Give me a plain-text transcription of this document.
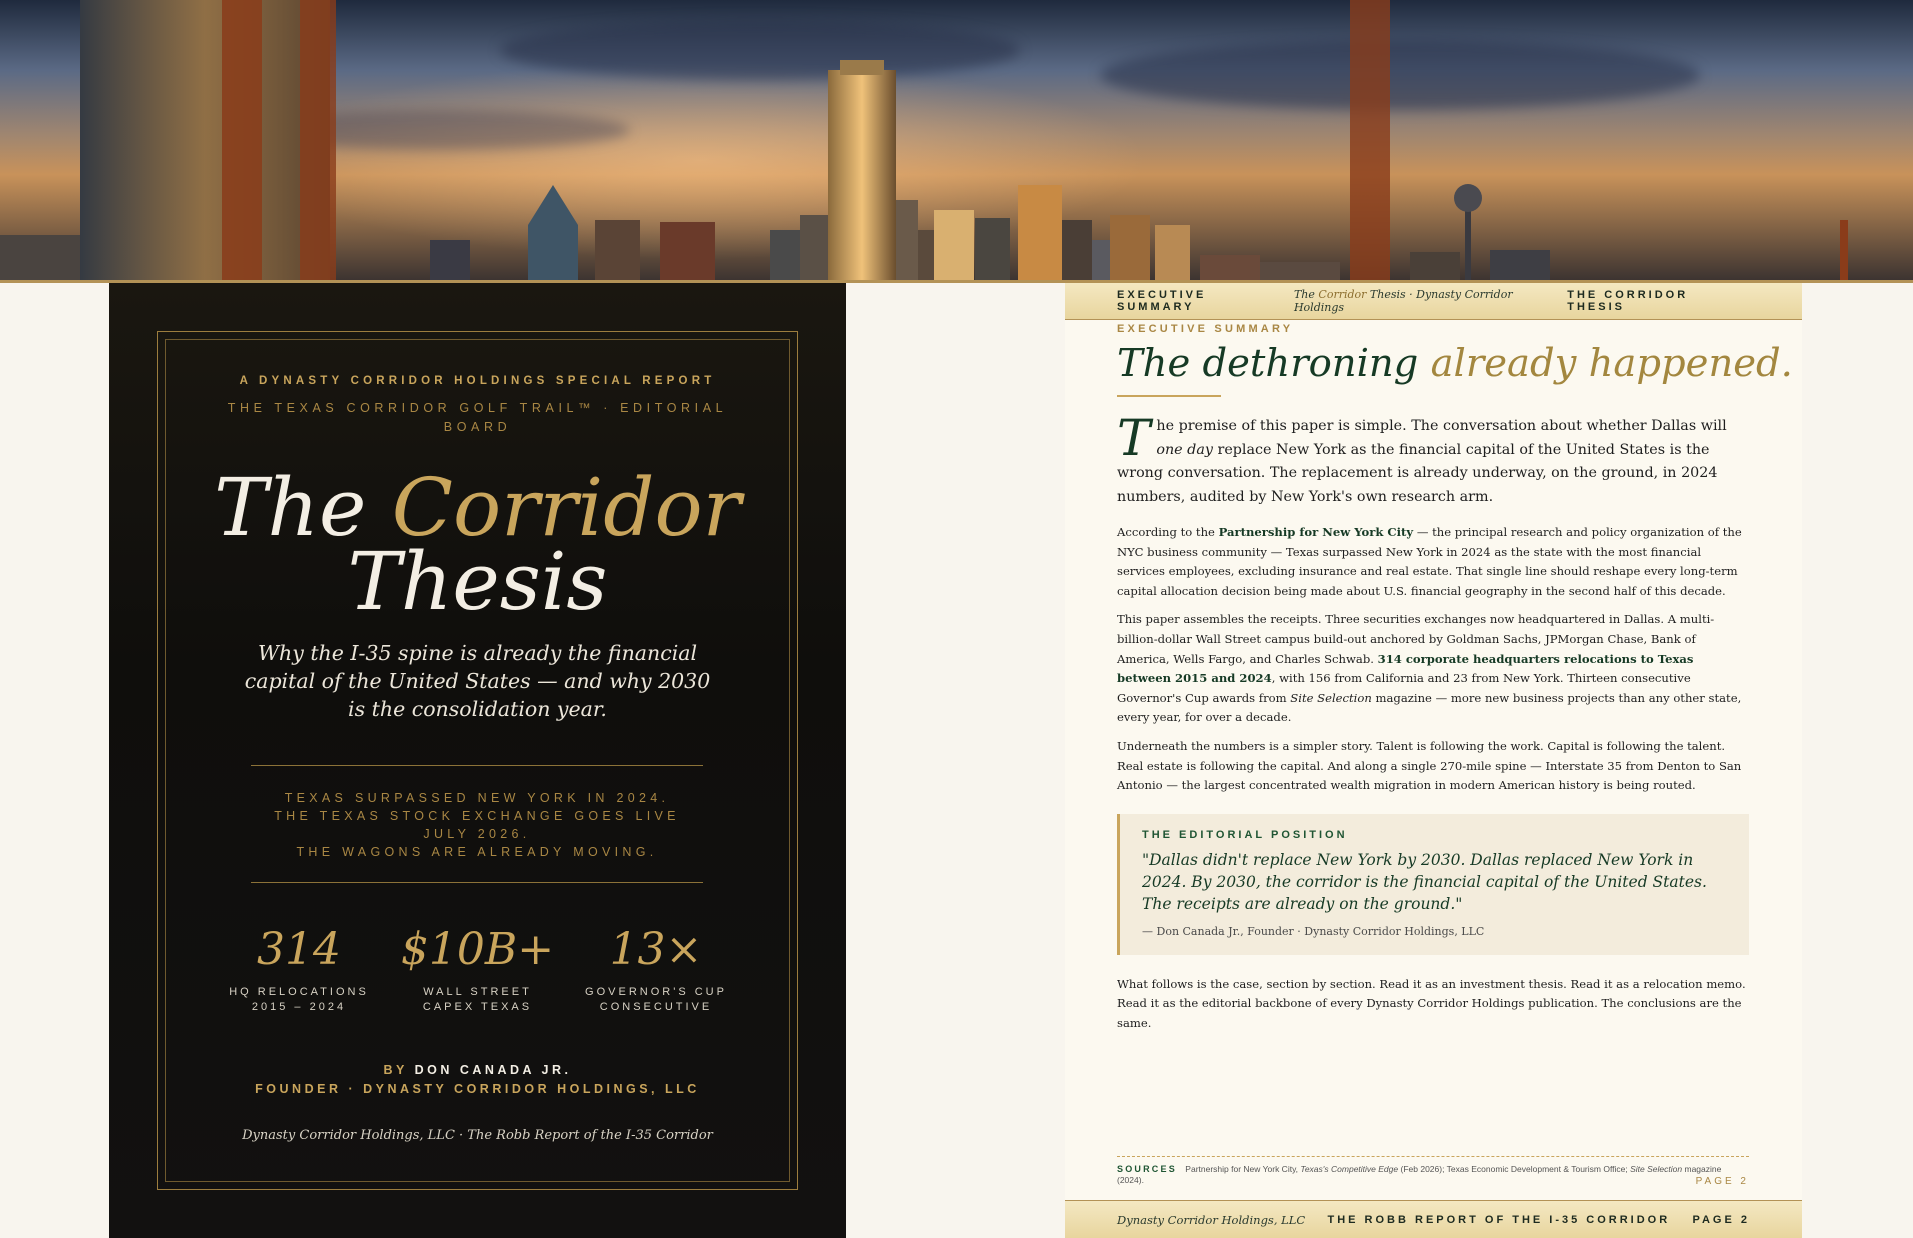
A DYNASTY CORRIDOR HOLDINGS SPECIAL REPORT
THE TEXAS CORRIDOR GOLF TRAIL™ · EDITORIAL BOARD
The Corridor
Thesis
Why the I-35 spine is already the financial capital of the United States — and why 2030 is the consolidation year.
TEXAS SURPASSED NEW YORK IN 2024.
THE TEXAS STOCK EXCHANGE GOES LIVE JULY 2026.
THE WAGONS ARE ALREADY MOVING.
314
HQ RELOCATIONS
2015 – 2024
$10B+
WALL STREET
CAPEX TEXAS
13×
GOVERNOR'S CUP
CONSECUTIVE
BY DON CANADA JR.
FOUNDER · DYNASTY CORRIDOR HOLDINGS, LLC
Dynasty Corridor Holdings, LLC · The Robb Report of the I-35 Corridor
EXECUTIVE SUMMARY
The Corridor Thesis · Dynasty Corridor Holdings
THE CORRIDOR THESIS
EXECUTIVE SUMMARY
The dethroning already happened.
The premise of this paper is simple. The conversation about whether Dallas will one day replace New York as the financial capital of the United States is the wrong conversation. The replacement is already underway, on the ground, in 2024 numbers, audited by New York's own research arm.

According to the Partnership for New York City — the principal research and policy organization of the NYC business community — Texas surpassed New York in 2024 as the state with the most financial services employees, excluding insurance and real estate. That single line should reshape every long-term capital allocation decision being made about U.S. financial geography in the second half of this decade.

This paper assembles the receipts. Three securities exchanges now headquartered in Dallas. A multi-billion-dollar Wall Street campus build-out anchored by Goldman Sachs, JPMorgan Chase, Bank of America, Wells Fargo, and Charles Schwab. 314 corporate headquarters relocations to Texas between 2015 and 2024, with 156 from California and 23 from New York. Thirteen consecutive Governor's Cup awards from Site Selection magazine — more new business projects than any other state, every year, for over a decade.

Underneath the numbers is a simpler story. Talent is following the work. Capital is following the talent. Real estate is following the capital. And along a single 270-mile spine — Interstate 35 from Denton to San Antonio — the largest concentrated wealth migration in modern American history is being routed.

THE EDITORIAL POSITION
"Dallas didn't replace New York by 2030. Dallas replaced New York in 2024. By 2030, the corridor is the financial capital of the United States. The receipts are already on the ground."
— Don Canada Jr., Founder · Dynasty Corridor Holdings, LLC

What follows is the case, section by section. Read it as an investment thesis. Read it as a relocation memo. Read it as the editorial backbone of every Dynasty Corridor Holdings publication. The conclusions are the same.

SOURCES Partnership for New York City, Texas's Competitive Edge (Feb 2026); Texas Economic Development & Tourism Office; Site Selection magazine (2024).	PAGE 2
Dynasty Corridor Holdings, LLC THE ROBB REPORT OF THE I-35 CORRIDOR PAGE 2
